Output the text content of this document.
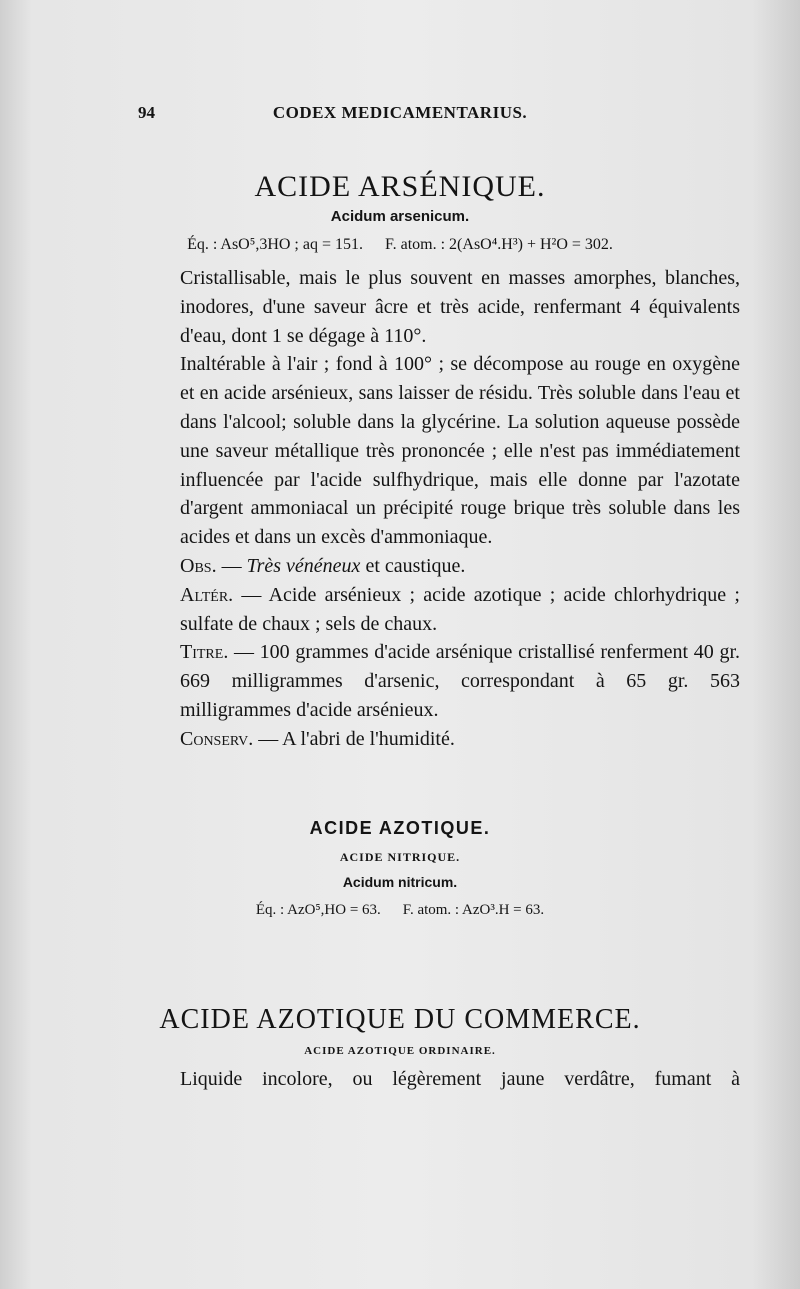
94	CODEX MEDICAMENTARIUS.
ACIDE ARSÉNIQUE.
Acidum arsenicum.
Éq. : AsO⁵,3HO ; aq = 151. F. atom. : 2(AsO⁴.H³) + H²O = 302.

Cristallisable, mais le plus souvent en masses amorphes, blanches, inodores, d'une saveur âcre et très acide, renfermant 4 équivalents d'eau, dont 1 se dégage à 110°.

Inaltérable à l'air ; fond à 100° ; se décompose au rouge en oxygène et en acide arsénieux, sans laisser de résidu. Très soluble dans l'eau et dans l'alcool; soluble dans la glycérine. La solution aqueuse possède une saveur métallique très prononcée ; elle n'est pas immédiatement influencée par l'acide sulfhydrique, mais elle donne par l'azotate d'argent ammoniacal un précipité rouge brique très soluble dans les acides et dans un excès d'ammoniaque.

Obs. — Très vénéneux et caustique.

Altér. — Acide arsénieux ; acide azotique ; acide chlorhydrique ; sulfate de chaux ; sels de chaux.

Titre. — 100 grammes d'acide arsénique cristallisé renferment 40 gr. 669 milligrammes d'arsenic, correspondant à 65 gr. 563 milligrammes d'acide arsénieux.

Conserv. — A l'abri de l'humidité.

ACIDE AZOTIQUE.
ACIDE NITRIQUE.
Acidum nitricum.
Éq. : AzO⁵,HO = 63. F. atom. : AzO³.H = 63.
ACIDE AZOTIQUE DU COMMERCE.
ACIDE AZOTIQUE ORDINAIRE.
Liquide incolore, ou légèrement jaune verdâtre, fumant à
